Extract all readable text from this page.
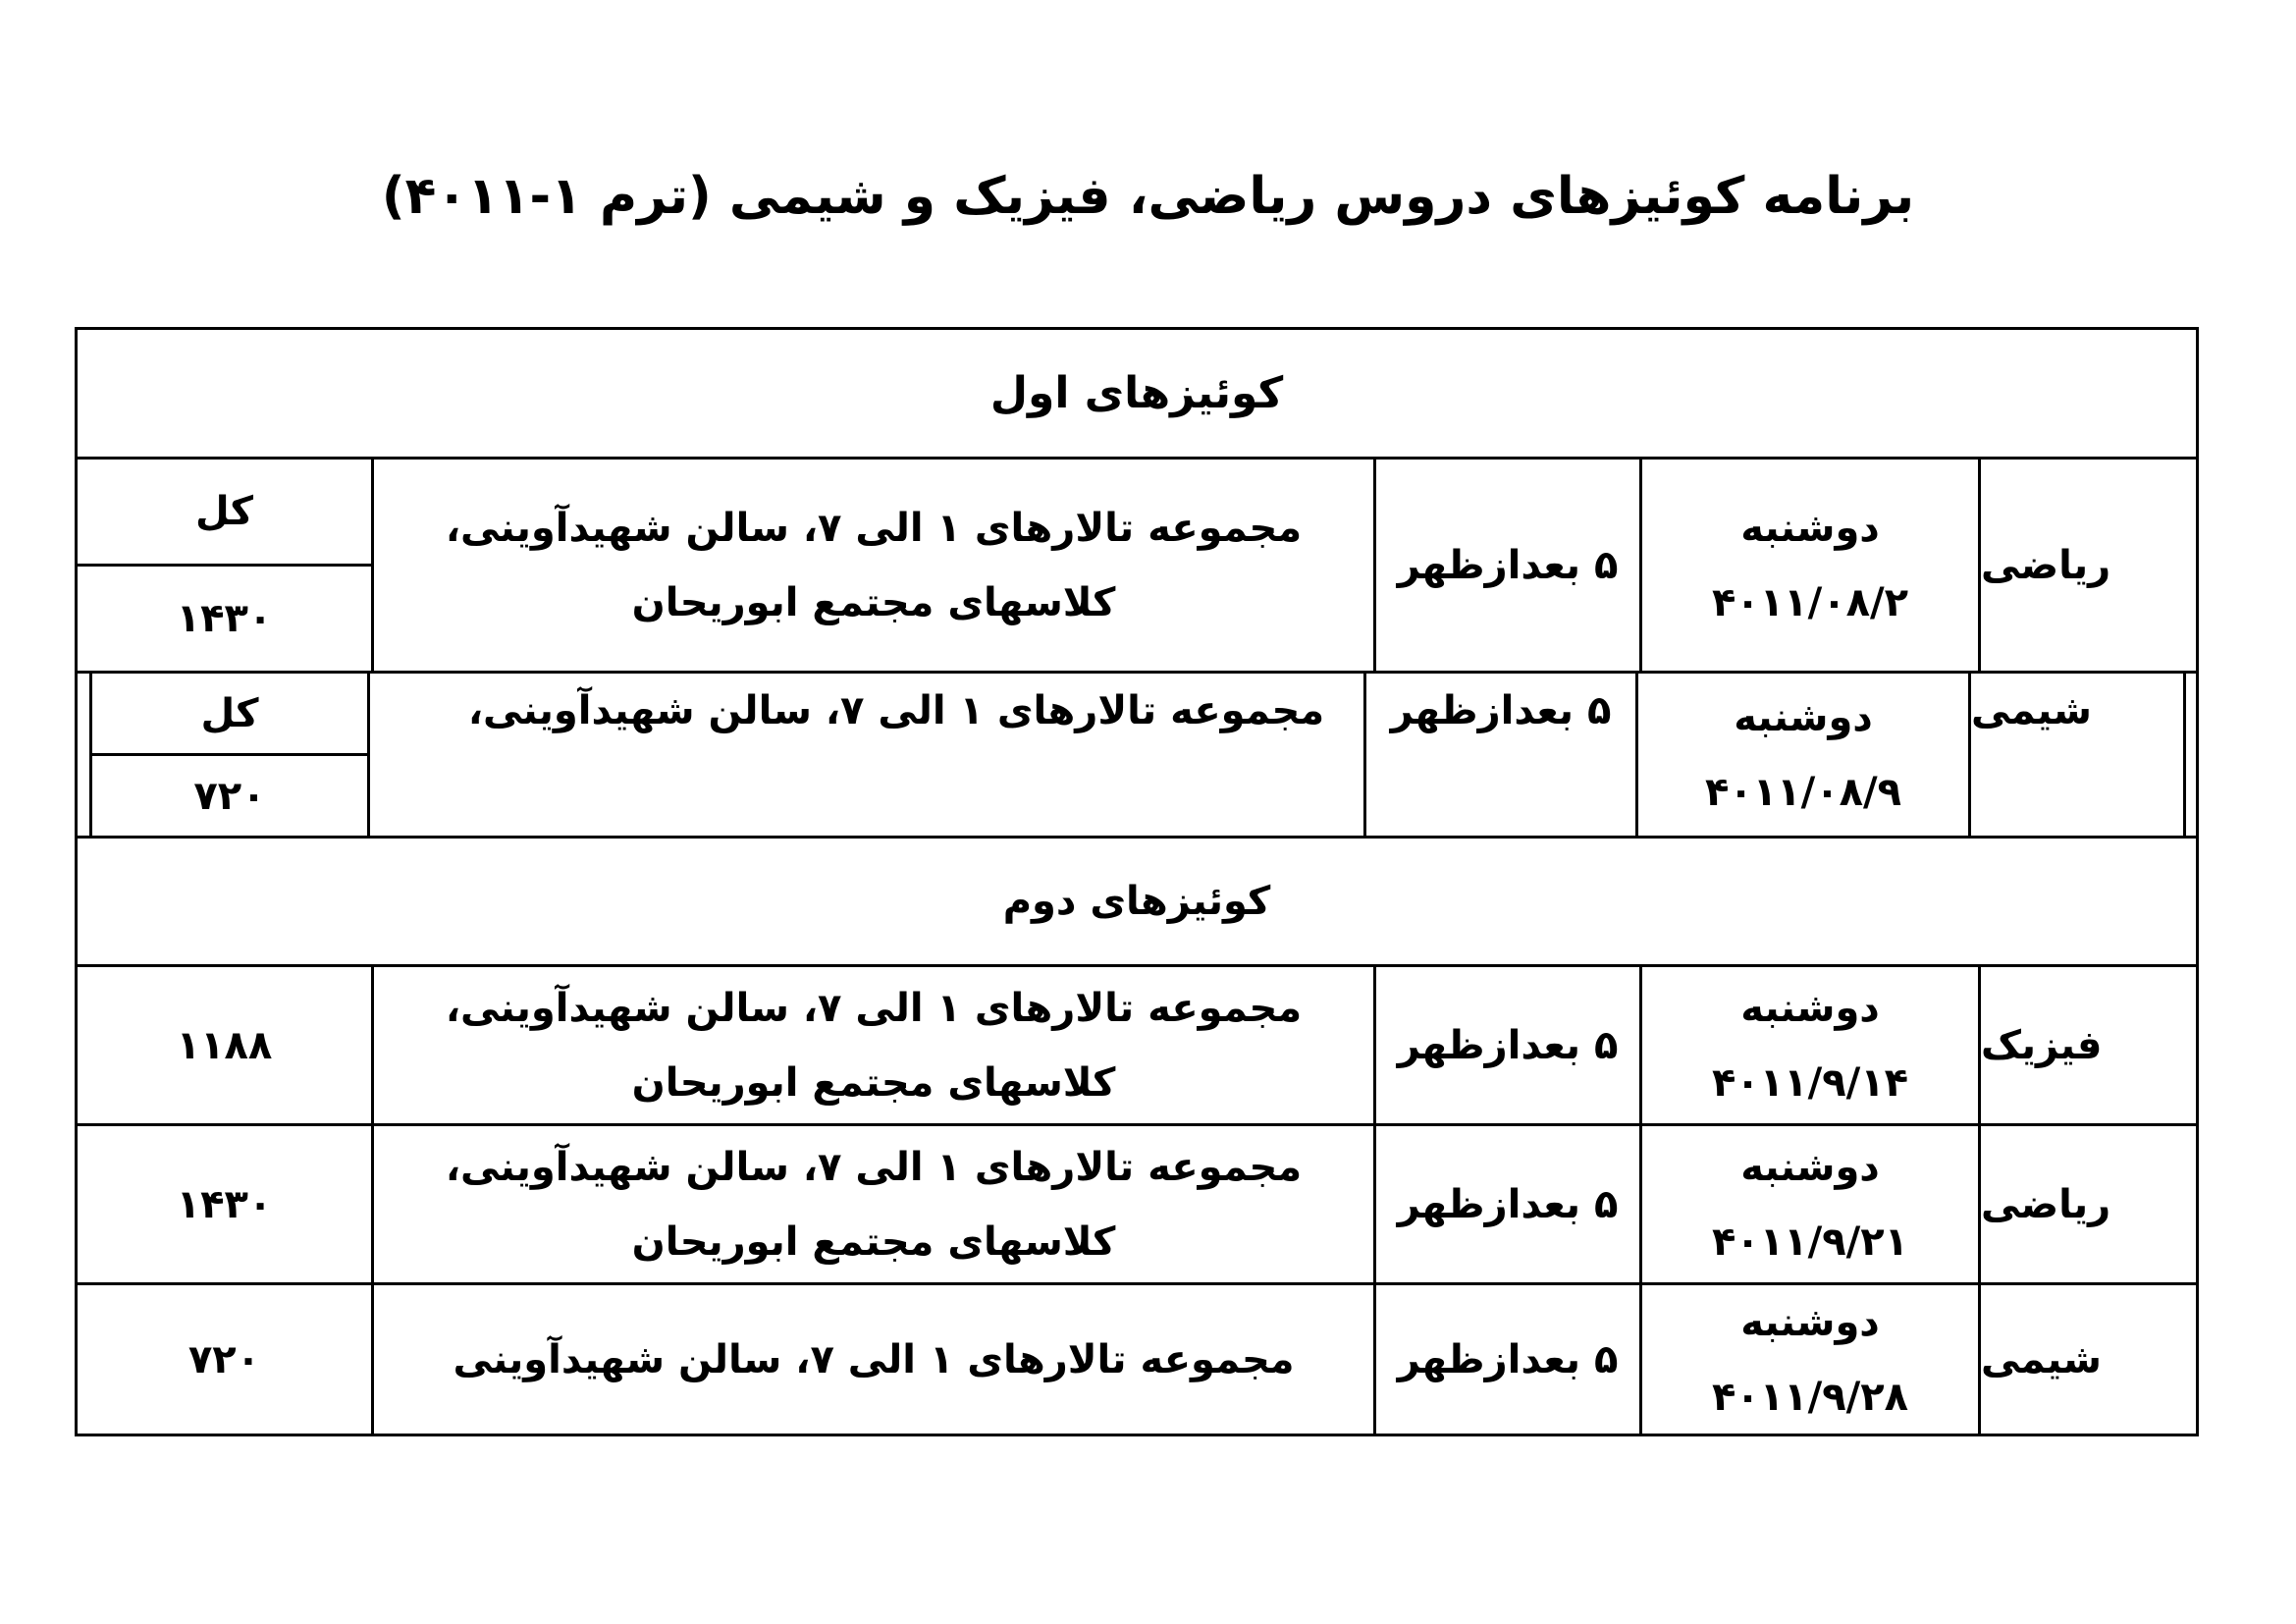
برنامه کوئیزهای دروس ریاضی، فیزیک و شیمی (ترم ۱-۴۰۱۱)
کوئیزهای اول
ریاضی
دوشنبه
۴۰۱۱/۰۸/۲
۵ بعدازظهر
مجموعه تالارهای ۱ الی ۷، سالن شهیدآوینی،
کلاسهای مجتمع ابوریحان
کل
۱۴۳۰
شیمی
دوشنبه
۴۰۱۱/۰۸/۹
۵ بعدازظهر
مجموعه تالارهای ۱ الی ۷، سالن شهیدآوینی،
کل
۷۲۰
کوئیزهای دوم
فیزیک
دوشنبه
۴۰۱۱/۹/۱۴
۵ بعدازظهر
مجموعه تالارهای ۱ الی ۷، سالن شهیدآوینی،
کلاسهای مجتمع ابوریحان
۱۱۸۸
ریاضی
دوشنبه
۴۰۱۱/۹/۲۱
۵ بعدازظهر
مجموعه تالارهای ۱ الی ۷، سالن شهیدآوینی،
کلاسهای مجتمع ابوریحان
۱۴۳۰
شیمی
دوشنبه
۴۰۱۱/۹/۲۸
۵ بعدازظهر
مجموعه تالارهای ۱ الی ۷، سالن شهیدآوینی
۷۲۰
